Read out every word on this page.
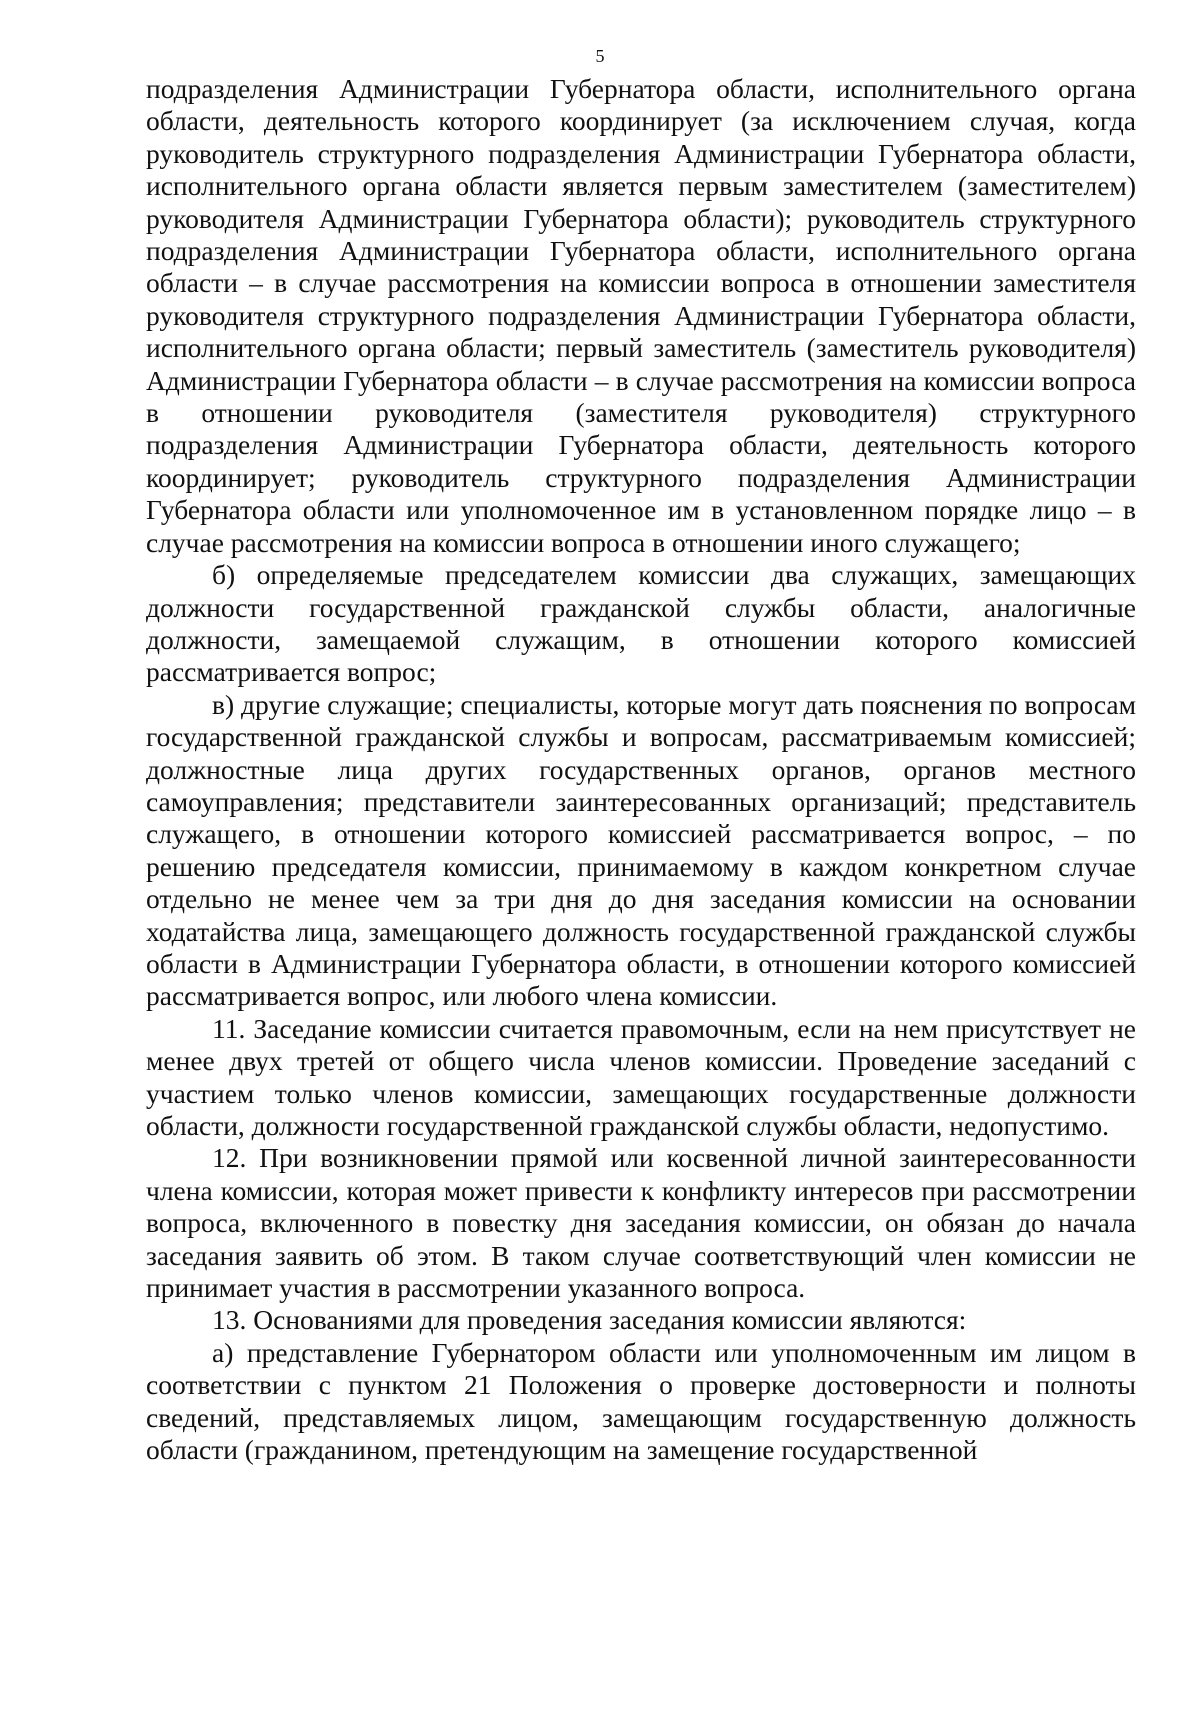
5

подразделения Администрации Губернатора области, исполнительного органа области, деятельность которого координирует (за исключением случая, когда руководитель структурного подразделения Администрации Губернатора области, исполнительного органа области является первым заместителем (заместителем) руководителя Администрации Губернатора области); руководитель структурного подразделения Администрации Губернатора области, исполнительного органа области – в случае рассмотрения на комиссии вопроса в отношении заместителя руководителя структурного подразделения Администрации Губернатора области, исполнительного органа области; первый заместитель (заместитель руководителя) Администрации Губернатора области – в случае рассмотрения на комиссии вопроса в отношении руководителя (заместителя руководителя) структурного подразделения Администрации Губернатора области, деятельность которого координирует; руководитель структурного подразделения Администрации Губернатора области или уполномоченное им в установленном порядке лицо – в случае рассмотрения на комиссии вопроса в отношении иного служащего;

б) определяемые председателем комиссии два служащих, замещающих должности государственной гражданской службы области, аналогичные должности, замещаемой служащим, в отношении которого комиссией рассматривается вопрос;

в) другие служащие; специалисты, которые могут дать пояснения по вопросам государственной гражданской службы и вопросам, рассматриваемым комиссией; должностные лица других государственных органов, органов местного самоуправления; представители заинтересованных организаций; представитель служащего, в отношении которого комиссией рассматривается вопрос, – по решению председателя комиссии, принимаемому в каждом конкретном случае отдельно не менее чем за три дня до дня заседания комиссии на основании ходатайства лица, замещающего должность государственной гражданской службы области в Администрации Губернатора области, в отношении которого комиссией рассматривается вопрос, или любого члена комиссии.

11. Заседание комиссии считается правомочным, если на нем присутствует не менее двух третей от общего числа членов комиссии. Проведение заседаний с участием только членов комиссии, замещающих государственные должности области, должности государственной гражданской службы области, недопустимо.

12. При возникновении прямой или косвенной личной заинтересованности члена комиссии, которая может привести к конфликту интересов при рассмотрении вопроса, включенного в повестку дня заседания комиссии, он обязан до начала заседания заявить об этом. В таком случае соответствующий член комиссии не принимает участия в рассмотрении указанного вопроса.

13. Основаниями для проведения заседания комиссии являются:

а) представление Губернатором области или уполномоченным им лицом в соответствии с пунктом 21 Положения о проверке достоверности и полноты сведений, представляемых лицом, замещающим государственную должность области (гражданином, претендующим на замещение государственной
